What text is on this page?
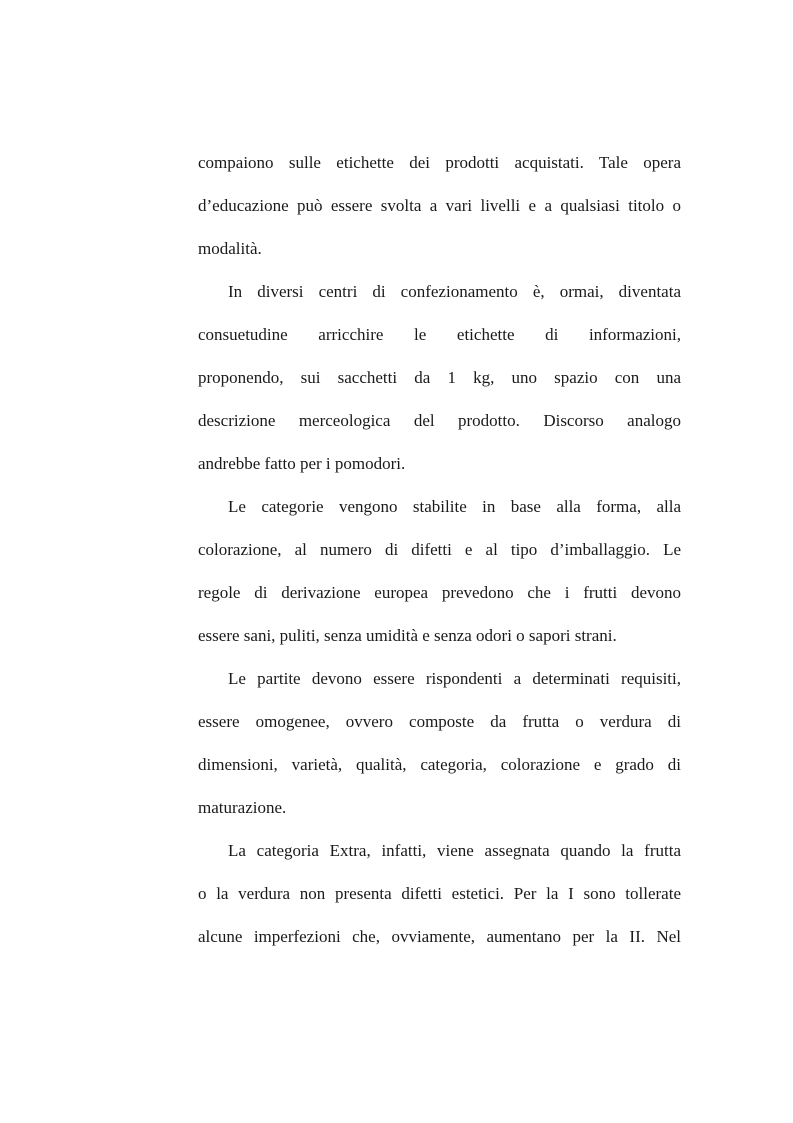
compaiono sulle etichette dei prodotti acquistati. Tale opera
d’educazione può essere svolta a vari livelli e a qualsiasi titolo o
modalità.
In diversi centri di confezionamento è, ormai, diventata
consuetudine arricchire le etichette di informazioni,
proponendo, sui sacchetti da 1 kg, uno spazio con una
descrizione merceologica del prodotto. Discorso analogo
andrebbe fatto per i pomodori.
Le categorie vengono stabilite in base alla forma, alla
colorazione, al numero di difetti e al tipo d’imballaggio. Le
regole di derivazione europea prevedono che i frutti devono
essere sani, puliti, senza umidità e senza odori o sapori strani.
Le partite devono essere rispondenti a determinati requisiti,
essere omogenee, ovvero composte da frutta o verdura di
dimensioni, varietà, qualità, categoria, colorazione e grado di
maturazione.
La categoria Extra, infatti, viene assegnata quando la frutta
o la verdura non presenta difetti estetici. Per la I sono tollerate
alcune imperfezioni che, ovviamente, aumentano per la II. Nel
